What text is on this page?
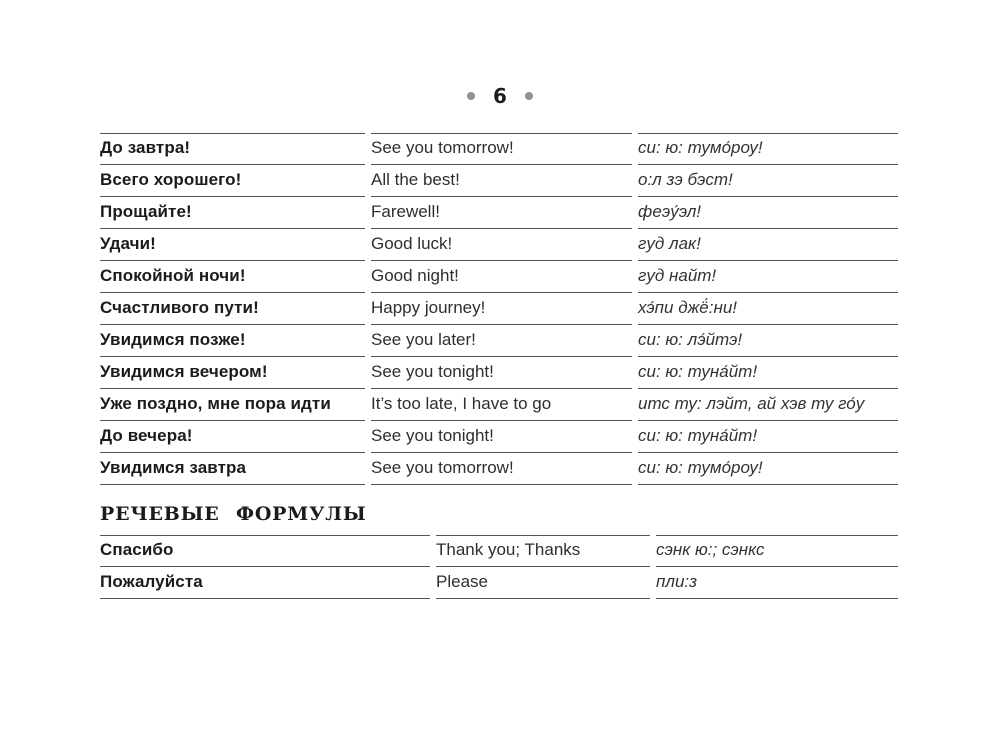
6
До завтра!	See you tomorrow!	си: ю: тумо́роу!
Всего хорошего!	All the best!	о:л зэ бэст!
Прощайте!	Farewell!	феэу́эл!
Удачи!	Good luck!	гуд лак!
Спокойной ночи!	Good night!	гуд найт!
Счастливого пути!	Happy journey!	хэ́пи джё́:ни!
Увидимся позже!	See you later!	си: ю: лэ́йтэ!
Увидимся вечером!	See you tonight!	си: ю: туна́йт!
Уже поздно, мне пора идти	It’s too late, I have to go	итс ту: лэйт, ай хэв ту го́у
До вечера!	See you tonight!	си: ю: туна́йт!
Увидимся завтра	See you tomorrow!	си: ю: тумо́роу!
РЕЧЕВЫЕ ФОРМУЛЫ
Спасибо	Thank you; Thanks	сэнк ю:; сэнкс
Пожалуйста	Please	пли:з
